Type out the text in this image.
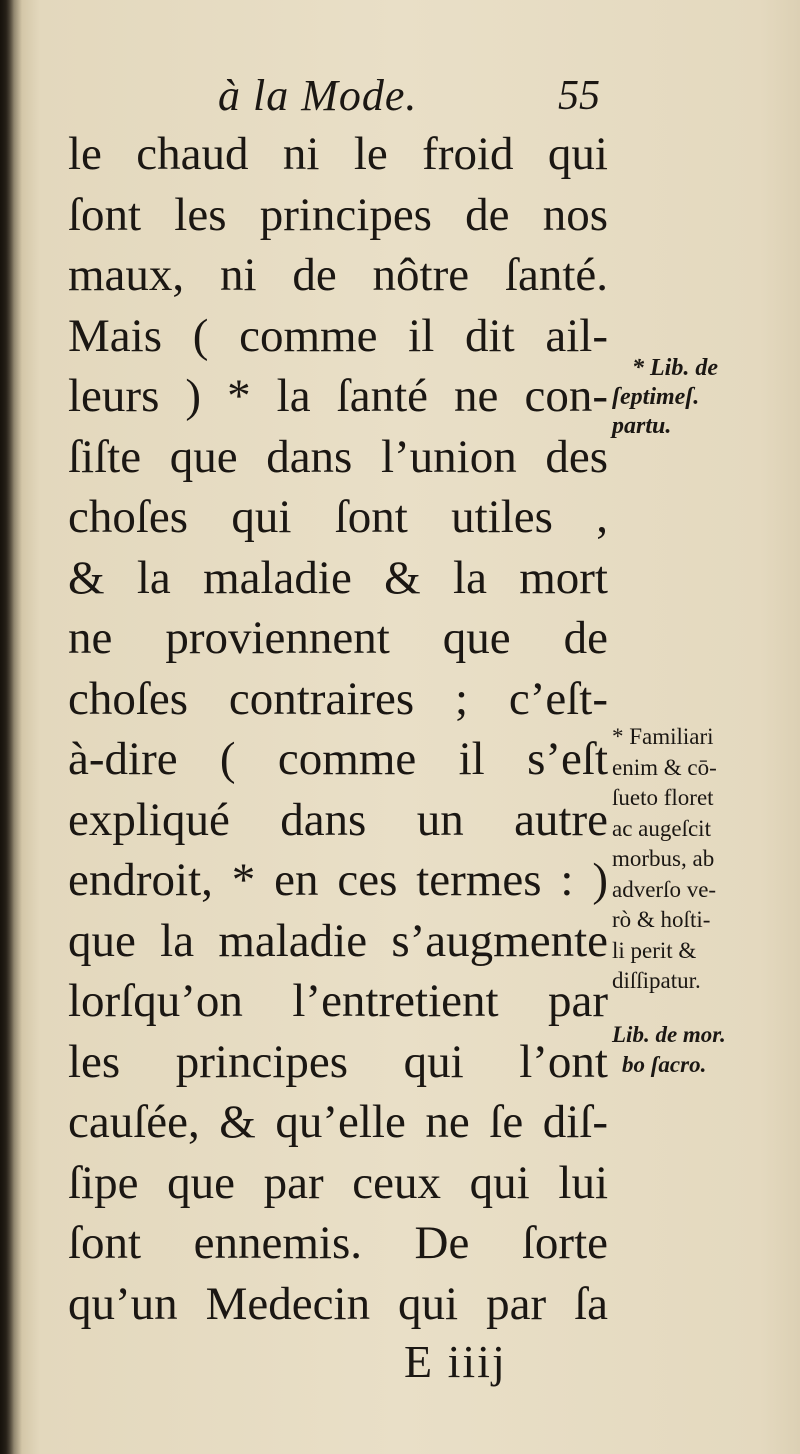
à la Mode.	55
le chaud ni le froid qui
ſont les principes de nos
maux, ni de nôtre ſanté.
Mais ( comme il dit ail-
leurs ) * la ſanté ne con-
ſiſte que dans l’union des
choſes qui ſont utiles ,
& la maladie & la mort
ne proviennent que de
choſes contraires ; c’eſt-
à-dire ( comme il s’eſt
expliqué dans un autre
endroit, * en ces termes : )
que la maladie s’augmente
lorſqu’on l’entretient par
les principes qui l’ont
cauſée, & qu’elle ne ſe diſ-
ſipe que par ceux qui lui
ſont ennemis. De ſorte
qu’un Medecin qui par ſa
* Lib. de
ſeptimeſ.
partu.
* Familiari
enim & cō-
ſueto floret
ac augeſcit
morbus, ab
adverſo ve-
rò & hoſti-
li perit &
diſſipatur.
Lib. de mor.
bo ſacro.
E iiij
